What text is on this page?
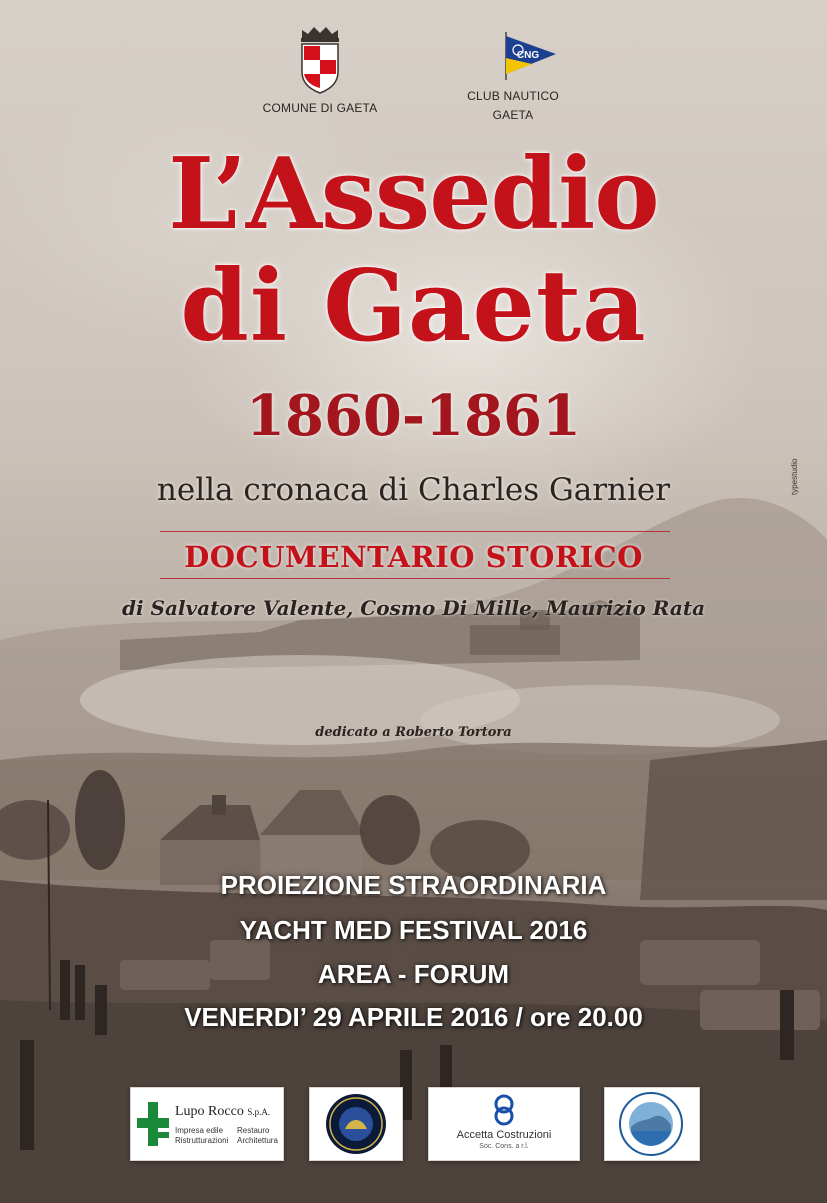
COMUNE DI GAETA
CNG
CLUB NAUTICO
GAETA
L’Assedio
di Gaeta
1860-1861
nella cronaca di Charles Garnier
DOCUMENTARIO STORICO
di Salvatore Valente, Cosmo Di Mille, Maurizio Rata
dedicato a Roberto Tortora
typestudio
PROIEZIONE STRAORDINARIA
YACHT MED FESTIVAL 2016
AREA - FORUM
VENERDI’ 29 APRILE 2016 / ore 20.00
Lupo Rocco S.p.A.
Impresa edile Restauro
Ristrutturazioni Architettura	Accetta Costruzioni
Soc. Cons. a r.l.
